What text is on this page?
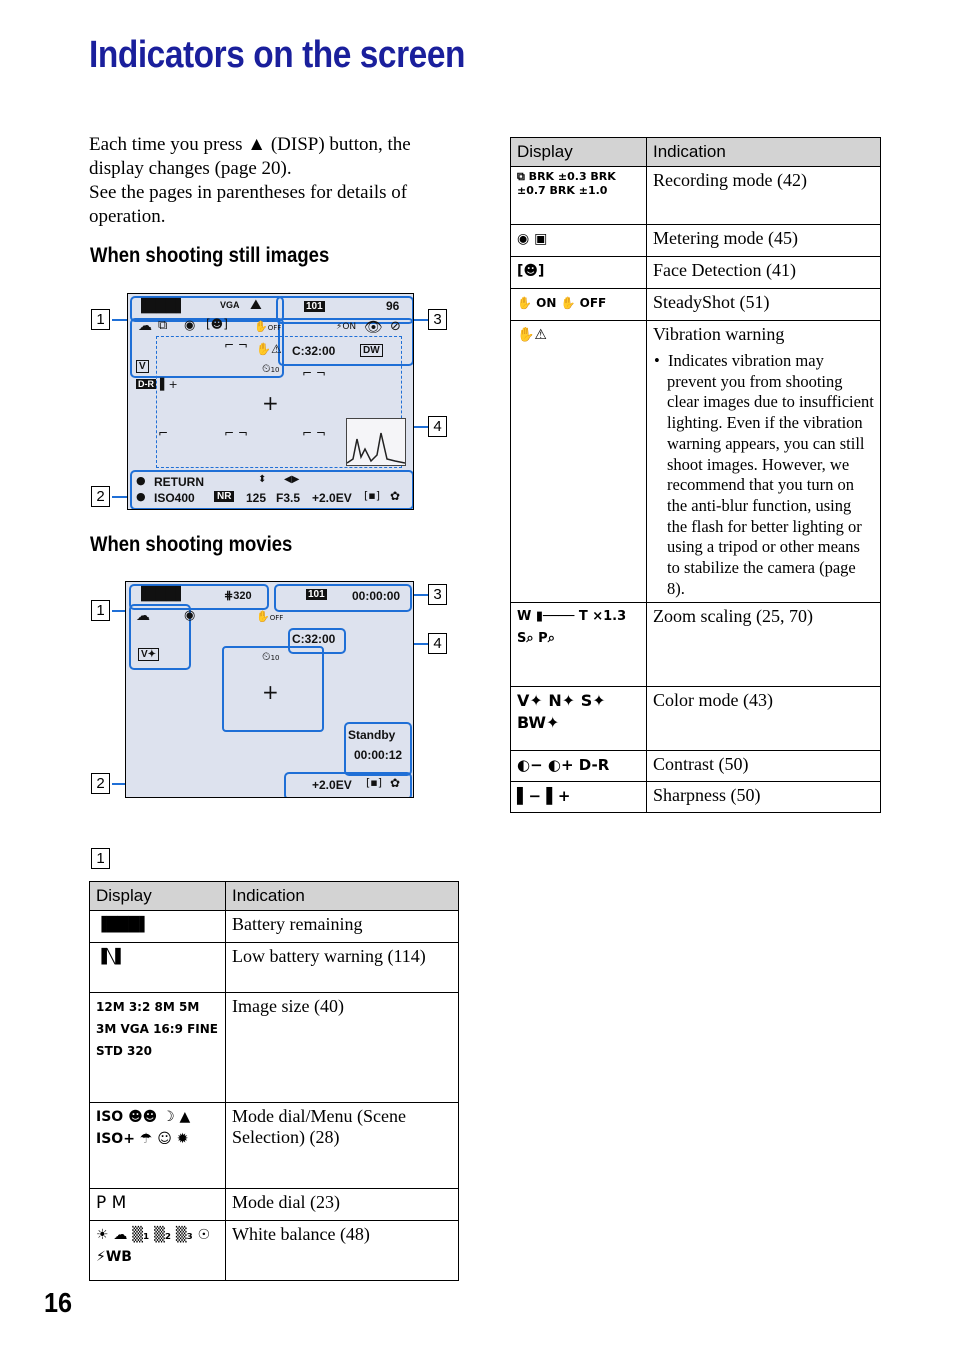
Indicators on the screen

Each time you press ▲ (DISP) button, the display changes (page 20).

See the pages in parentheses for details of operation.

When shooting still images
1
2
3
4
▐███▌	VGA ⛰	101	96
☁ ⧉ ◉ [☻] ✋OFF	⚡ON 👁 ⊘
✋⚠ C:32:00	DW
V	⏲10
D-R ▌+
⌐ ¬
⌐ ¬
⌐ ¬	⌐ ¬
⌐
+
● RETURN	⬍ ◀▶
● ISO400	NR 125 F3.5 +2.0EV [▪] ✿
When shooting movies
1
2
3
4
▐███▌	⋕320	101 00:00:00
☁	◉	✋OFF
C:32:00
V✦	⏲10
+
Standby
00:00:12
+2.0EV [▪] ✿
1
Display	Indication
▐███▌	Battery remaining
▐╲▌	Low battery warning (114)
12M 3:2 8M 5M 3M VGA 16:9 FINE STD 320	Image size (40)
ISO ☻☻ ☽ ▲ ISO+ ☂ ☺ ✹	Mode dial/Menu (Scene Selection) (28)
P M	Mode dial (23)
☀ ☁ ▒₁ ▒₂ ▒₃ ☉ ⚡WB	White balance (48)
Display	Indication
⧉ BRK ±0.3 BRK ±0.7 BRK ±1.0	Recording mode (42)
◉ ▣	Metering mode (45)
[☻]	Face Detection (41)
✋ ON ✋ OFF	SteadyShot (51)
✋⚠	Vibration warning
•  Indicates vibration may prevent you from shooting clear images due to insufficient lighting. Even if the vibration warning appears, you can still shoot images. However, we recommend that you turn on the anti-blur function, using the flash for better lighting or using a tripod or other means to stabilize the camera (page 8).

W ▮──── T ×1.3 S⌕ P⌕	Zoom scaling (25, 70)
V✦ N✦ S✦ BW✦	Color mode (43)
◐− ◐+ D-R	Contrast (50)
▌− ▌+	Sharpness (50)
16
